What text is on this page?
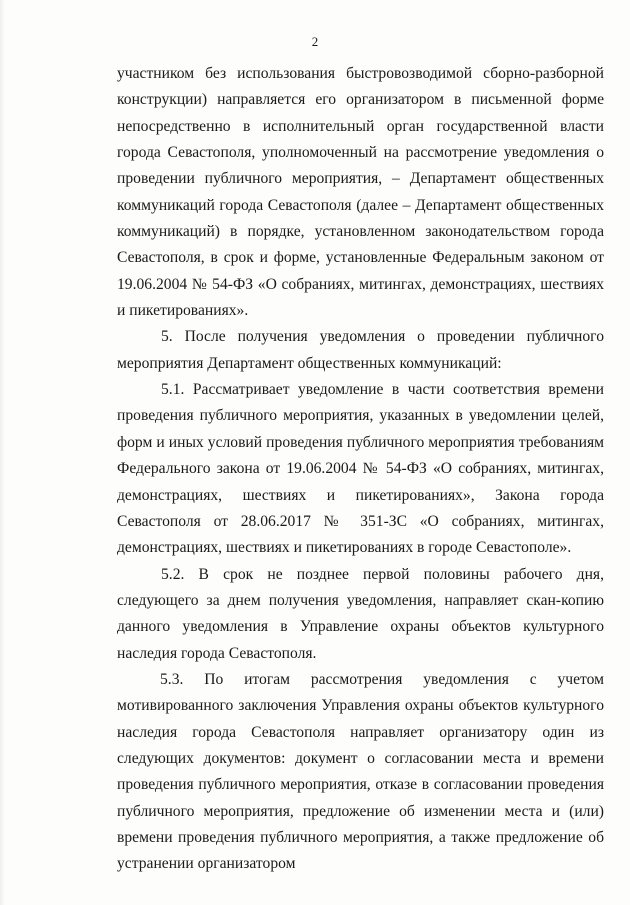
2

участником без использования быстровозводимой сборно-разборной конструкции) направляется его организатором в письменной форме непосредственно в исполнительный орган государственной власти города Севастополя, уполномоченный на рассмотрение уведомления о проведении публичного мероприятия, – Департамент общественных коммуникаций города Севастополя (далее – Департамент общественных коммуникаций) в порядке, установленном законодательством города Севастополя, в срок и форме, установленные Федеральным законом от 19.06.2004 № 54-ФЗ «О собраниях, митингах, демонстрациях, шествиях и пикетированиях».

5. После получения уведомления о проведении публичного мероприятия Департамент общественных коммуникаций:

5.1. Рассматривает уведомление в части соответствия времени проведения публичного мероприятия, указанных в уведомлении целей, форм и иных условий проведения публичного мероприятия требованиям Федерального закона от 19.06.2004 № 54-ФЗ «О собраниях, митингах, демонстрациях, шествиях и пикетированиях», Закона города Севастополя от 28.06.2017 № 351-ЗС «О собраниях, митингах, демонстрациях, шествиях и пикетированиях в городе Севастополе».

5.2. В срок не позднее первой половины рабочего дня, следующего за днем получения уведомления, направляет скан-копию данного уведомления в Управление охраны объектов культурного наследия города Севастополя.

5.3. По итогам рассмотрения уведомления с учетом мотивированного заключения Управления охраны объектов культурного наследия города Севастополя направляет организатору один из следующих документов: документ о согласовании места и времени проведения публичного мероприятия, отказе в согласовании проведения публичного мероприятия, предложение об изменении места и (или) времени проведения публичного мероприятия, а также предложение об устранении организатором
